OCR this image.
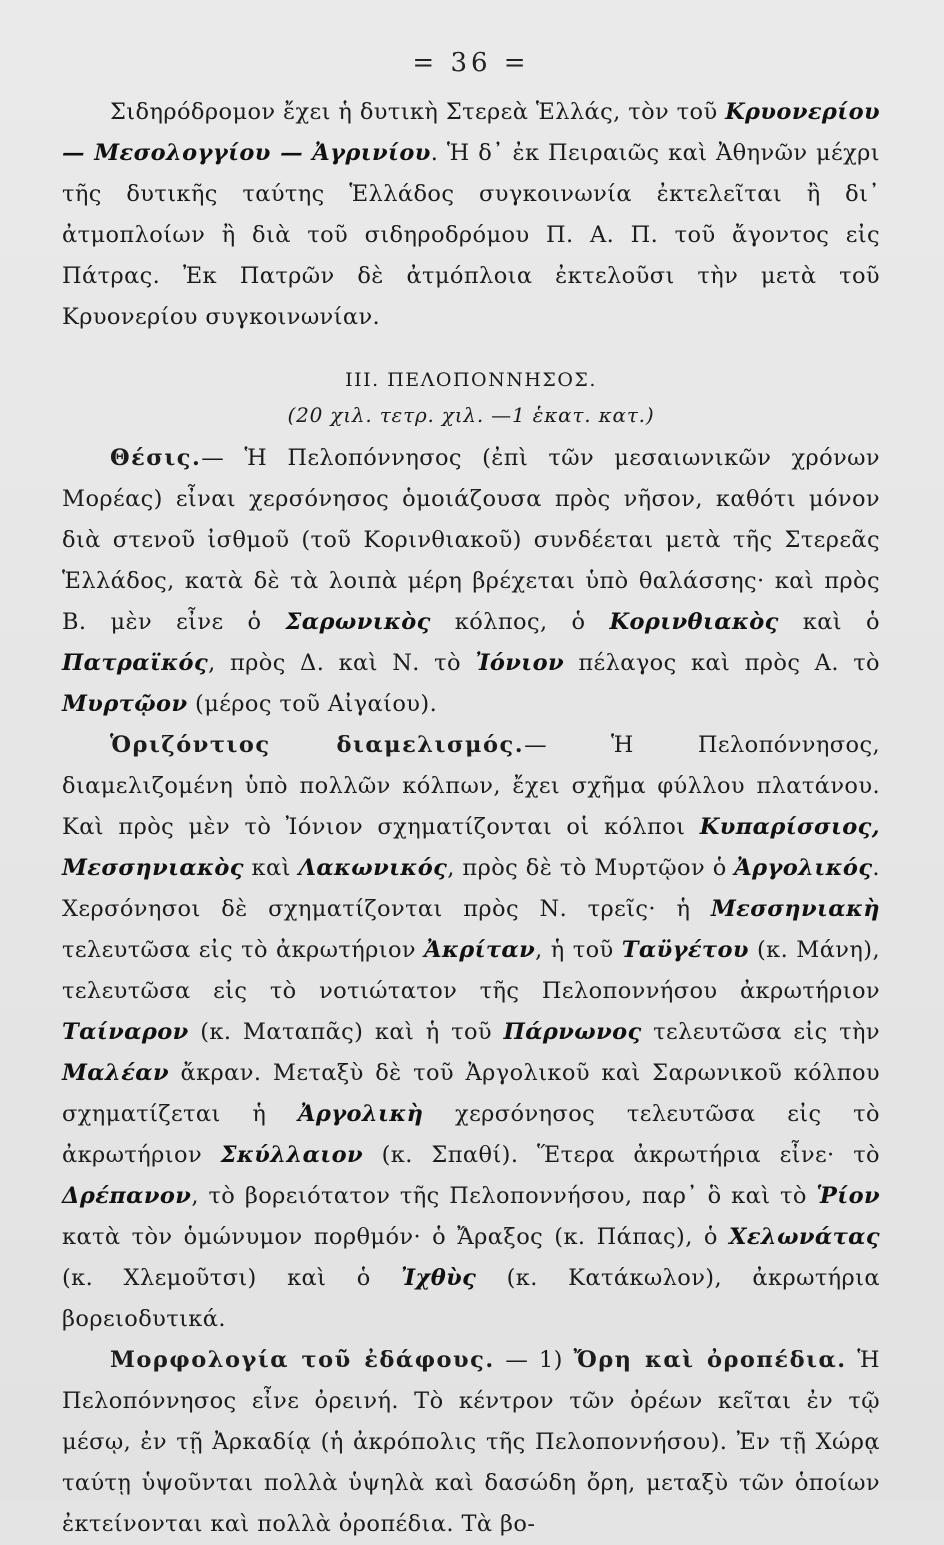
= 36 =

Σιδηρόδρομον ἔχει ἡ δυτικὴ Στερεὰ Ἑλλάς, τὸν τοῦ Κρυονερίου — Μεσολογγίου — Ἀγρινίου. Ἡ δ᾽ ἐκ Πειραιῶς καὶ Ἀθηνῶν μέχρι τῆς δυτικῆς ταύτης Ἑλλάδος συγκοινωνία ἐκτελεῖται ἢ δι᾽ ἀτμοπλοίων ἢ διὰ τοῦ σιδηροδρόμου Π. Α. Π. τοῦ ἄγοντος εἰς Πάτρας. Ἐκ Πατρῶν δὲ ἀτμόπλοια ἐκτελοῦσι τὴν μετὰ τοῦ Κρυονερίου συγκοινωνίαν.

III. ΠΕΛΟΠΟΝΝΗΣΟΣ.
(20 χιλ. τετρ. χιλ. —1 ἑκατ. κατ.)

Θέσις.— Ἡ Πελοπόννησος (ἐπὶ τῶν μεσαιωνικῶν χρόνων Μορέας) εἶναι χερσόνησος ὁμοιάζουσα πρὸς νῆσον, καθότι μόνον διὰ στενοῦ ἰσθμοῦ (τοῦ Κορινθιακοῦ) συνδέεται μετὰ τῆς Στερεᾶς Ἑλλάδος, κατὰ δὲ τὰ λοιπὰ μέρη βρέχεται ὑπὸ θαλάσσης· καὶ πρὸς Β. μὲν εἶνε ὁ Σαρωνικὸς κόλπος, ὁ Κορινθιακὸς καὶ ὁ Πατραϊκός, πρὸς Δ. καὶ Ν. τὸ Ἰόνιον πέλαγος καὶ πρὸς Α. τὸ Μυρτῷον (μέρος τοῦ Αἰγαίου).

Ὁριζόντιος διαμελισμός.— Ἡ Πελοπόννησος, διαμελιζομένη ὑπὸ πολλῶν κόλπων, ἔχει σχῆμα φύλλου πλατάνου. Καὶ πρὸς μὲν τὸ Ἰόνιον σχηματίζονται οἱ κόλποι Κυπαρίσσιος, Μεσσηνιακὸς καὶ Λακωνικός, πρὸς δὲ τὸ Μυρτῷον ὁ Ἀργολικός. Χερσόνησοι δὲ σχηματίζονται πρὸς Ν. τρεῖς· ἡ Μεσσηνιακὴ τελευτῶσα εἰς τὸ ἀκρωτήριον Ἀκρίταν, ἡ τοῦ Ταϋγέτου (κ. Μάνη), τελευτῶσα εἰς τὸ νοτιώτατον τῆς Πελοποννήσου ἀκρωτήριον Ταίναρον (κ. Ματαπᾶς) καὶ ἡ τοῦ Πάρνωνος τελευτῶσα εἰς τὴν Μαλέαν ἄκραν. Μεταξὺ δὲ τοῦ Ἀργολικοῦ καὶ Σαρωνικοῦ κόλπου σχηματίζεται ἡ Ἀργολικὴ χερσόνησος τελευτῶσα εἰς τὸ ἀκρωτήριον Σκύλλαιον (κ. Σπαθί). Ἕτερα ἀκρωτήρια εἶνε· τὸ Δρέπανον, τὸ βορειότατον τῆς Πελοποννήσου, παρ᾽ ὃ καὶ τὸ Ῥίον κατὰ τὸν ὁμώνυμον πορθμόν· ὁ Ἄραξος (κ. Πάπας), ὁ Χελωνάτας (κ. Χλεμοῦτσι) καὶ ὁ Ἰχθὺς (κ. Κατάκωλον), ἀκρωτήρια βορειοδυτικά.

Μορφολογία τοῦ ἐδάφους. — 1) Ὄρη καὶ ὀροπέδια. Ἡ Πελοπόννησος εἶνε ὀρεινή. Τὸ κέντρον τῶν ὀρέων κεῖται ἐν τῷ μέσῳ, ἐν τῇ Ἀρκαδίᾳ (ἡ ἀκρόπολις τῆς Πελοποννήσου). Ἐν τῇ Χώρᾳ ταύτῃ ὑψοῦνται πολλὰ ὑψηλὰ καὶ δασώδη ὄρη, μεταξὺ τῶν ὁποίων ἐκτείνονται καὶ πολλὰ ὀροπέδια. Τὰ βο-
